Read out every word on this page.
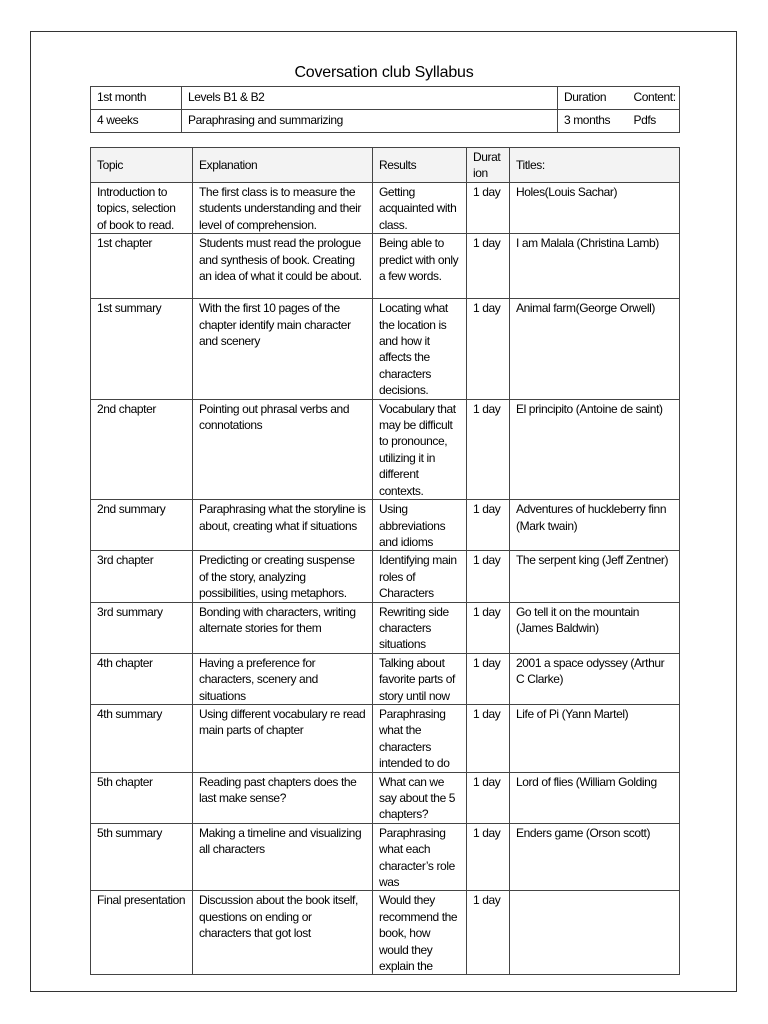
Coversation club Syllabus
1st month	Levels B1 & B2	Duration	Content:
4 weeks	Paraphrasing and summarizing	3 months	Pdfs
Topic	Explanation	Results	Durat ion	Titles:
Introduction to topics, selection of book to read.	The first class is to measure the students understanding and their level of comprehension.	Getting acquainted with class.	1 day	Holes(Louis Sachar)
1st chapter	Students must read the prologue and synthesis of book. Creating an idea of what it could be about.	Being able to predict with only a few words.	1 day	I am Malala (Christina Lamb)
1st summary	With the first 10 pages of the chapter identify main character and scenery	Locating what the location is and how it affects the characters decisions.	1 day	Animal farm(George Orwell)
2nd chapter	Pointing out phrasal verbs and connotations	Vocabulary that may be difficult to pronounce, utilizing it in different contexts.	1 day	El principito (Antoine de saint)
2nd summary	Paraphrasing what the storyline is about, creating what if situations	Using abbreviations and idioms	1 day	Adventures of huckleberry finn (Mark twain)
3rd chapter	Predicting or creating suspense of the story, analyzing possibilities, using metaphors.	Identifying main roles of Characters	1 day	The serpent king (Jeff Zentner)
3rd summary	Bonding with characters, writing alternate stories for them	Rewriting side characters situations	1 day	Go tell it on the mountain (James Baldwin)
4th chapter	Having a preference for characters, scenery and situations	Talking about favorite parts of story until now	1 day	2001 a space odyssey (Arthur C Clarke)
4th summary	Using different vocabulary re read main parts of chapter	Paraphrasing what the characters intended to do	1 day	Life of Pi (Yann Martel)
5th chapter	Reading past chapters does the last make sense?	What can we say about the 5 chapters?	1 day	Lord of flies (William Golding
5th summary	Making a timeline and visualizing all characters	Paraphrasing what each character’s role was	1 day	Enders game (Orson scott)
Final presentation	Discussion about the book itself, questions on ending or characters that got lost	Would they recommend the book, how would they explain the	1 day	
